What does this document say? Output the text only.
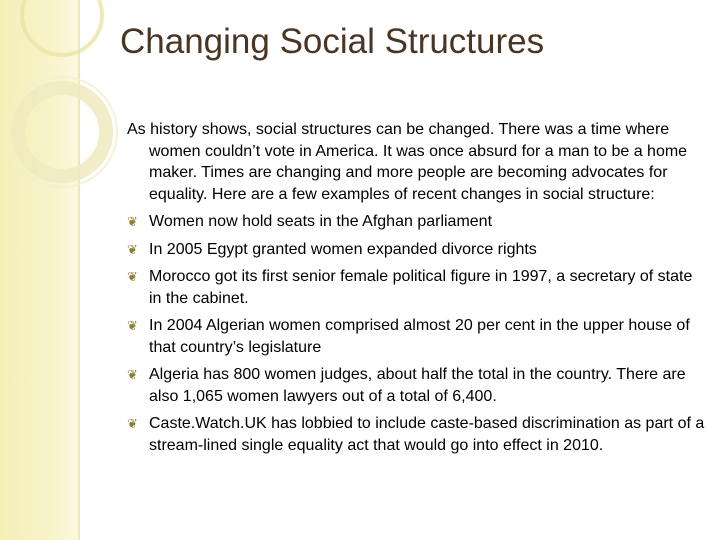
Changing Social Structures

As history shows, social structures can be changed. There was a time where women couldn’t vote in America. It was once absurd for a man to be a home maker. Times are changing and more people are becoming advocates for equality. Here are a few examples of recent changes in social structure:

❦ Women now hold seats in the Afghan parliament
❦ In 2005 Egypt granted women expanded divorce rights
❦ Morocco got its first senior female political figure in 1997, a secretary of state in the cabinet.
❦ In 2004 Algerian women comprised almost 20 per cent in the upper house of that country’s legislature
❦ Algeria has 800 women judges, about half the total in the country. There are also 1,065 women lawyers out of a total of 6,400.
❦ Caste.Watch.UK has lobbied to include caste-based discrimination as part of a stream-lined single equality act that would go into effect in 2010.
